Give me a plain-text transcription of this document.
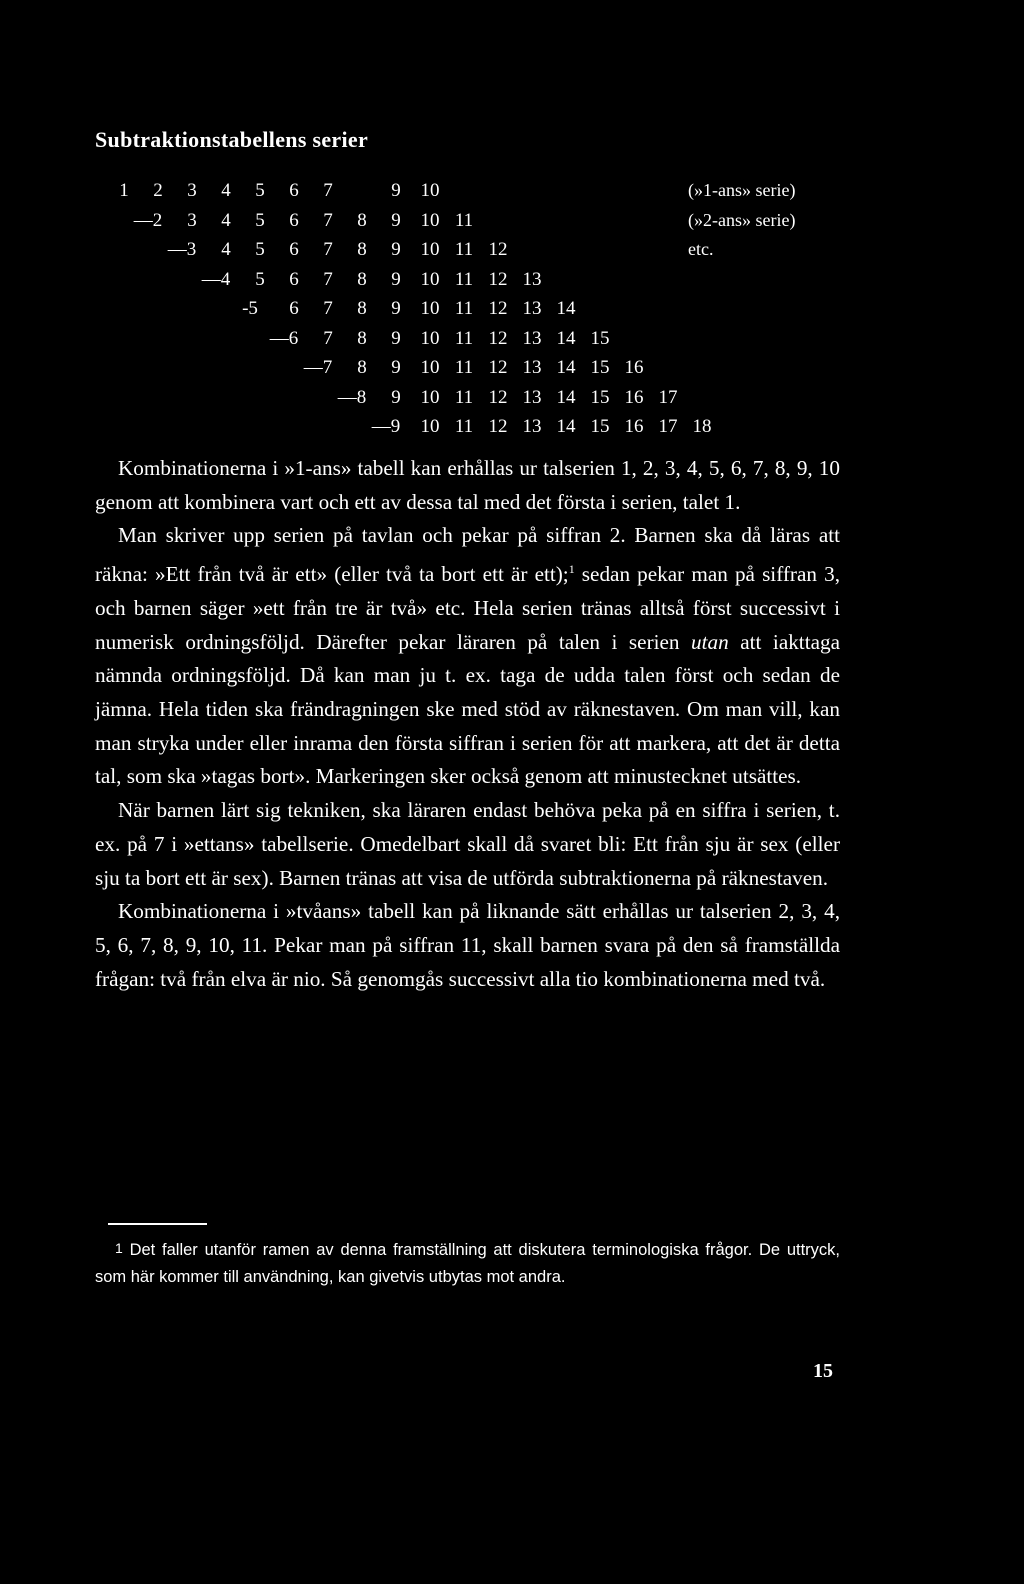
Subtraktionstabellens serier
1 2 3 4 5 6 7	9 10	(»1-ans» serie)
—2 3 4 5 6 7 8 9 10 11	(»2-ans» serie)
—3 4 5 6 7 8 9 10 11 12	etc.
—4 5 6 7 8 9 10 11 12 13
-5 6 7 8 9 10 11 12 13 14
—6 7 8 9 10 11 12 13 14 15
—7 8 9 10 11 12 13 14 15 16
—8 9 10 11 12 13 14 15 16 17
—9 10 11 12 13 14 15 16 17 18

Kombinationerna i »1-ans» tabell kan erhållas ur talserien 1, 2, 3, 4, 5, 6, 7, 8, 9, 10 genom att kombinera vart och ett av dessa tal med det första i serien, talet 1.

Man skriver upp serien på tavlan och pekar på siffran 2. Barnen ska då läras att räkna: »Ett från två är ett» (eller två ta bort ett är ett);$^1$ sedan pekar man på siffran 3, och barnen säger »ett från tre är två» etc. Hela serien tränas alltså först successivt i numerisk ordningsföljd. Därefter pekar läraren på talen i serien utan att iakttaga nämnda ordningsföljd. Då kan man ju t. ex. taga de udda talen först och sedan de jämna. Hela tiden ska frändragningen ske med stöd av räknestaven. Om man vill, kan man stryka under eller inrama den första siffran i serien för att markera, att det är detta tal, som ska »tagas bort». Markeringen sker också genom att minustecknet utsättes.

När barnen lärt sig tekniken, ska läraren endast behöva peka på en siffra i serien, t. ex. på 7 i »ettans» tabellserie. Omedelbart skall då svaret bli: Ett från sju är sex (eller sju ta bort ett är sex). Barnen tränas att visa de utförda subtraktionerna på räknestaven.

Kombinationerna i »tvåans» tabell kan på liknande sätt erhållas ur talserien 2, 3, 4, 5, 6, 7, 8, 9, 10, 11. Pekar man på siffran 11, skall barnen svara på den så framställda frågan: två från elva är nio. Så genomgås successivt alla tio kombinationerna med två.

1 Det faller utanför ramen av denna framställning att diskutera terminologiska frågor. De uttryck, som här kommer till användning, kan givetvis utbytas mot andra.
15
